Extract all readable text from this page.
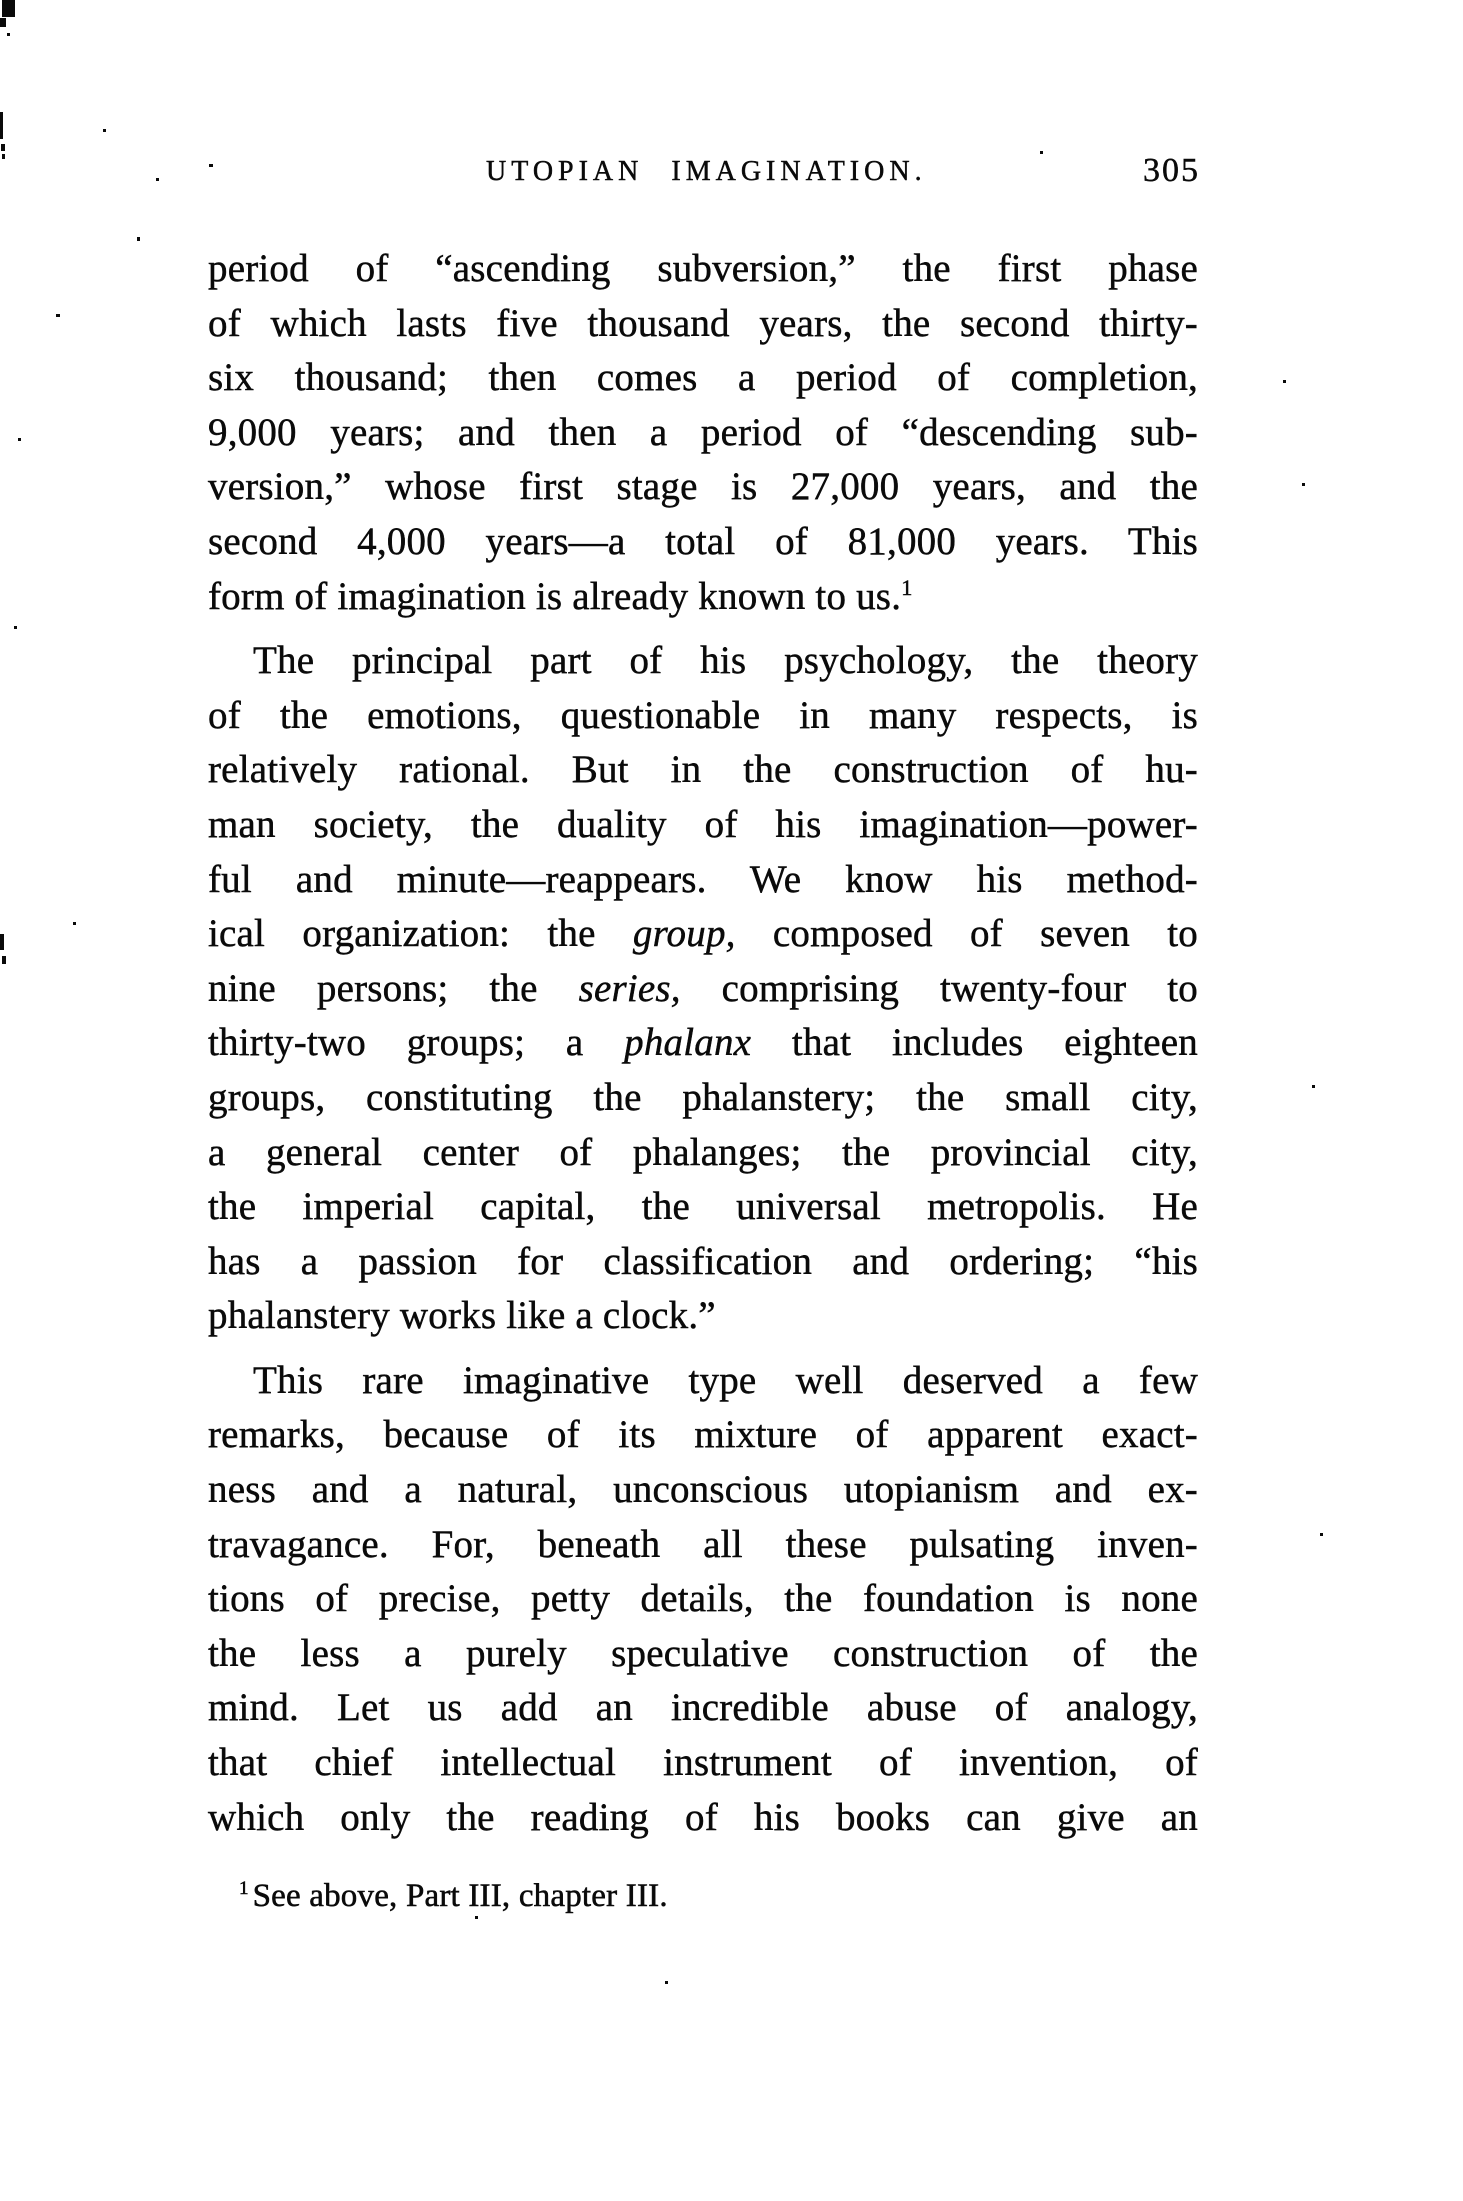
UTOPIAN IMAGINATION.	305

period of “ascending subversion,” the first phase
of which lasts five thousand years, the second thirty-
six thousand; then comes a period of completion,
9,000 years; and then a period of “descending sub-
version,” whose first stage is 27,000 years, and the
second 4,000 years—a total of 81,000 years. This
form of imagination is already known to us.$^1$

The principal part of his psychology, the theory
of the emotions, questionable in many respects, is
relatively rational. But in the construction of hu-
man society, the duality of his imagination—power-
ful and minute—reappears. We know his method-
ical organization: the group, composed of seven to
nine persons; the series, comprising twenty-four to
thirty-two groups; a phalanx that includes eighteen
groups, constituting the phalanstery; the small city,
a general center of phalanges; the provincial city,
the imperial capital, the universal metropolis. He
has a passion for classification and ordering; “his
phalanstery works like a clock.”

This rare imaginative type well deserved a few
remarks, because of its mixture of apparent exact-
ness and a natural, unconscious utopianism and ex-
travagance. For, beneath all these pulsating inven-
tions of precise, petty details, the foundation is none
the less a purely speculative construction of the
mind. Let us add an incredible abuse of analogy,
that chief intellectual instrument of invention, of
which only the reading of his books can give an

$^1$ See above, Part III, chapter III.
